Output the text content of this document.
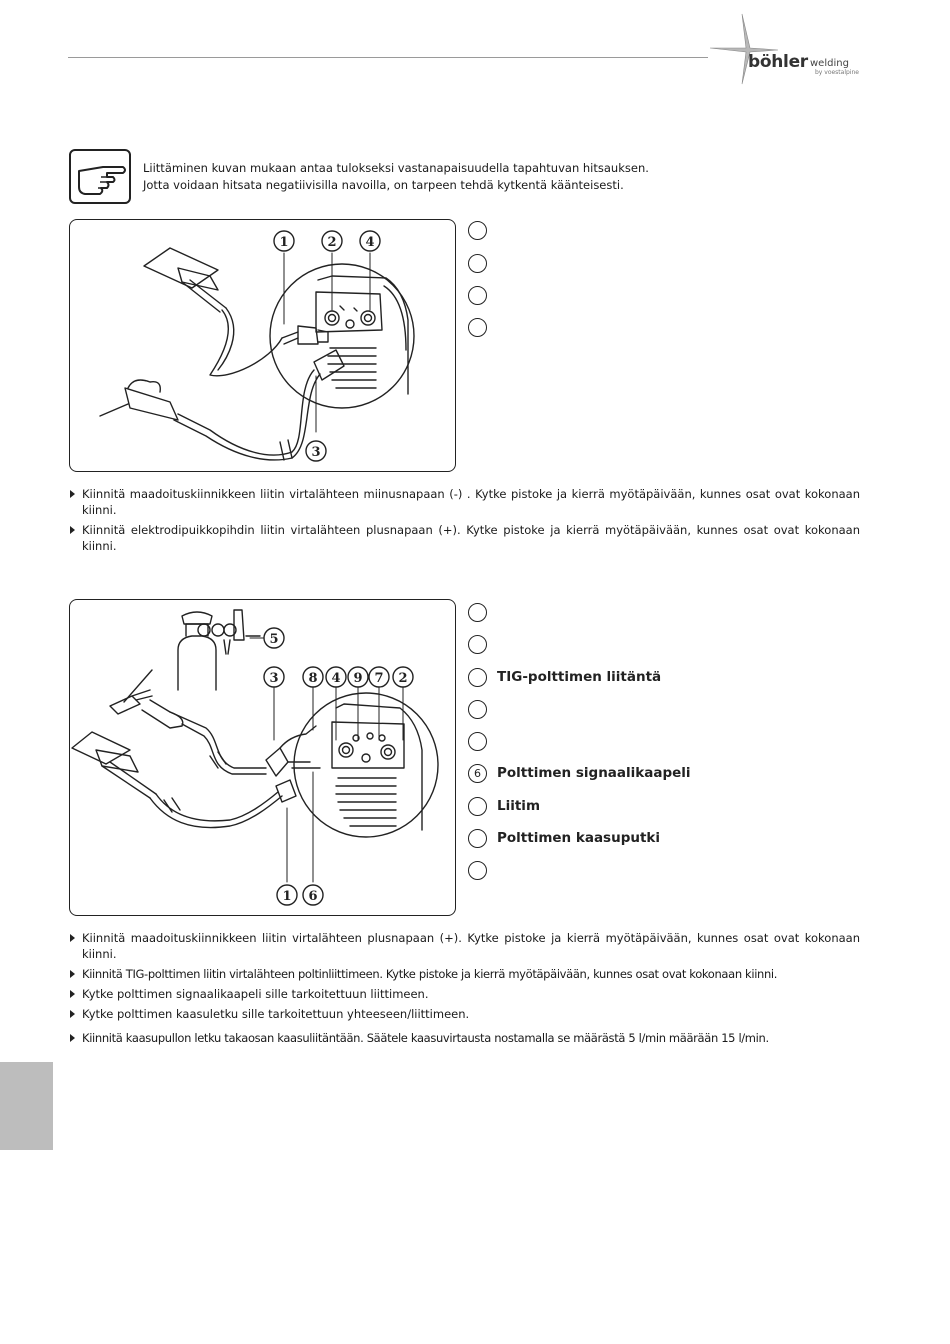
böhler welding
by voestalpine
Liittäminen kuvan mukaan antaa tulokseksi vastanapaisuudella tapahtuvan hitsauksen.
Jotta voidaan hitsata negatiivisilla navoilla, on tarpeen tehdä kytkentä käänteisesti.
1	2 4
3
Kiinnitä maadoituskiinnikkeen liitin virtalähteen miinusnapaan (-) . Kytke pistoke ja kierrä myötäpäivään, kunnes osat ovat kokonaan kiinni.
Kiinnitä elektrodipuikkopihdin liitin virtalähteen plusnapaan (+). Kytke pistoke ja kierrä myötäpäivään, kunnes osat ovat kokonaan kiinni.
5
3 8 4 9 7 2
1 6
TIG-polttimen liitäntä
6	Polttimen signaalikaapeli
Liitim
Polttimen kaasuputki
Kiinnitä maadoituskiinnikkeen liitin virtalähteen plusnapaan (+). Kytke pistoke ja kierrä myötäpäivään, kunnes osat ovat kokonaan kiinni.
Kiinnitä TIG-polttimen liitin virtalähteen poltinliittimeen. Kytke pistoke ja kierrä myötäpäivään, kunnes osat ovat kokonaan kiinni.
Kytke polttimen signaalikaapeli sille tarkoitettuun liittimeen.
Kytke polttimen kaasuletku sille tarkoitettuun yhteeseen/liittimeen.
Kiinnitä kaasupullon letku takaosan kaasuliitäntään. Säätele kaasuvirtausta nostamalla se määrästä 5 l/min määrään 15 l/min.
